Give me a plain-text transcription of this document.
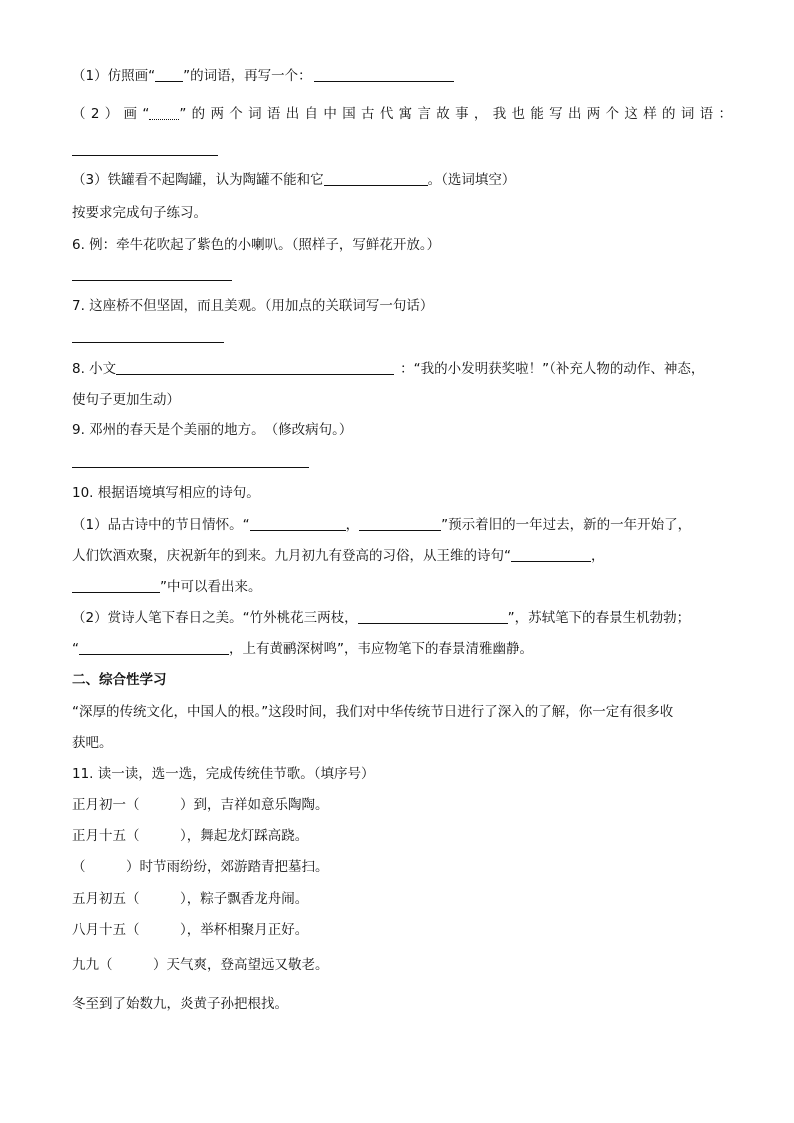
（1）仿照画“ ”的词语，再写一个：
（2）画“ ”的两个词语出自中国古代寓言故事，我也能写出两个这样的词语：
（3）铁罐看不起陶罐，认为陶罐不能和它	。（选词填空）
按要求完成句子练习。
6. 例：牵牛花吹起了紫色的小喇叭。（照样子，写鲜花开放。）
7. 这座桥不但坚固，而且美观。（用加点的关联词写一句话）
8. 小文	：“我的小发明获奖啦！”（补充人物的动作、神态，
使句子更加生动）
9. 邓州的春天是个美丽的地方。　（修改病句。）
10. 根据语境填写相应的诗句。
（1）品古诗中的节日情怀。“	，	”预示着旧的一年过去，新的一年开始了，
人们饮酒欢聚，庆祝新年的到来。九月初九有登高的习俗，从王维的诗句“	，
”中可以看出来。
（2）赏诗人笔下春日之美。“竹外桃花三两枝，	”，苏轼笔下的春景生机勃勃；
“	，上有黄鹂深树鸣”，韦应物笔下的春景清雅幽静。
二、综合性学习
“深厚的传统文化，中国人的根。”这段时间，我们对中华传统节日进行了深入的了解，你一定有很多收
获吧。
11. 读一读，选一选，完成传统佳节歌。（填序号）
正月初一（　　　）到，吉祥如意乐陶陶。
正月十五（　　　），舞起龙灯踩高跷。
（　　　）时节雨纷纷，郊游踏青把墓扫。
五月初五（　　　），粽子飘香龙舟闹。
八月十五（　　　），举杯相聚月正好。
九九（　　　）天气爽，登高望远又敬老。
冬至到了始数九，炎黄子孙把根找。
